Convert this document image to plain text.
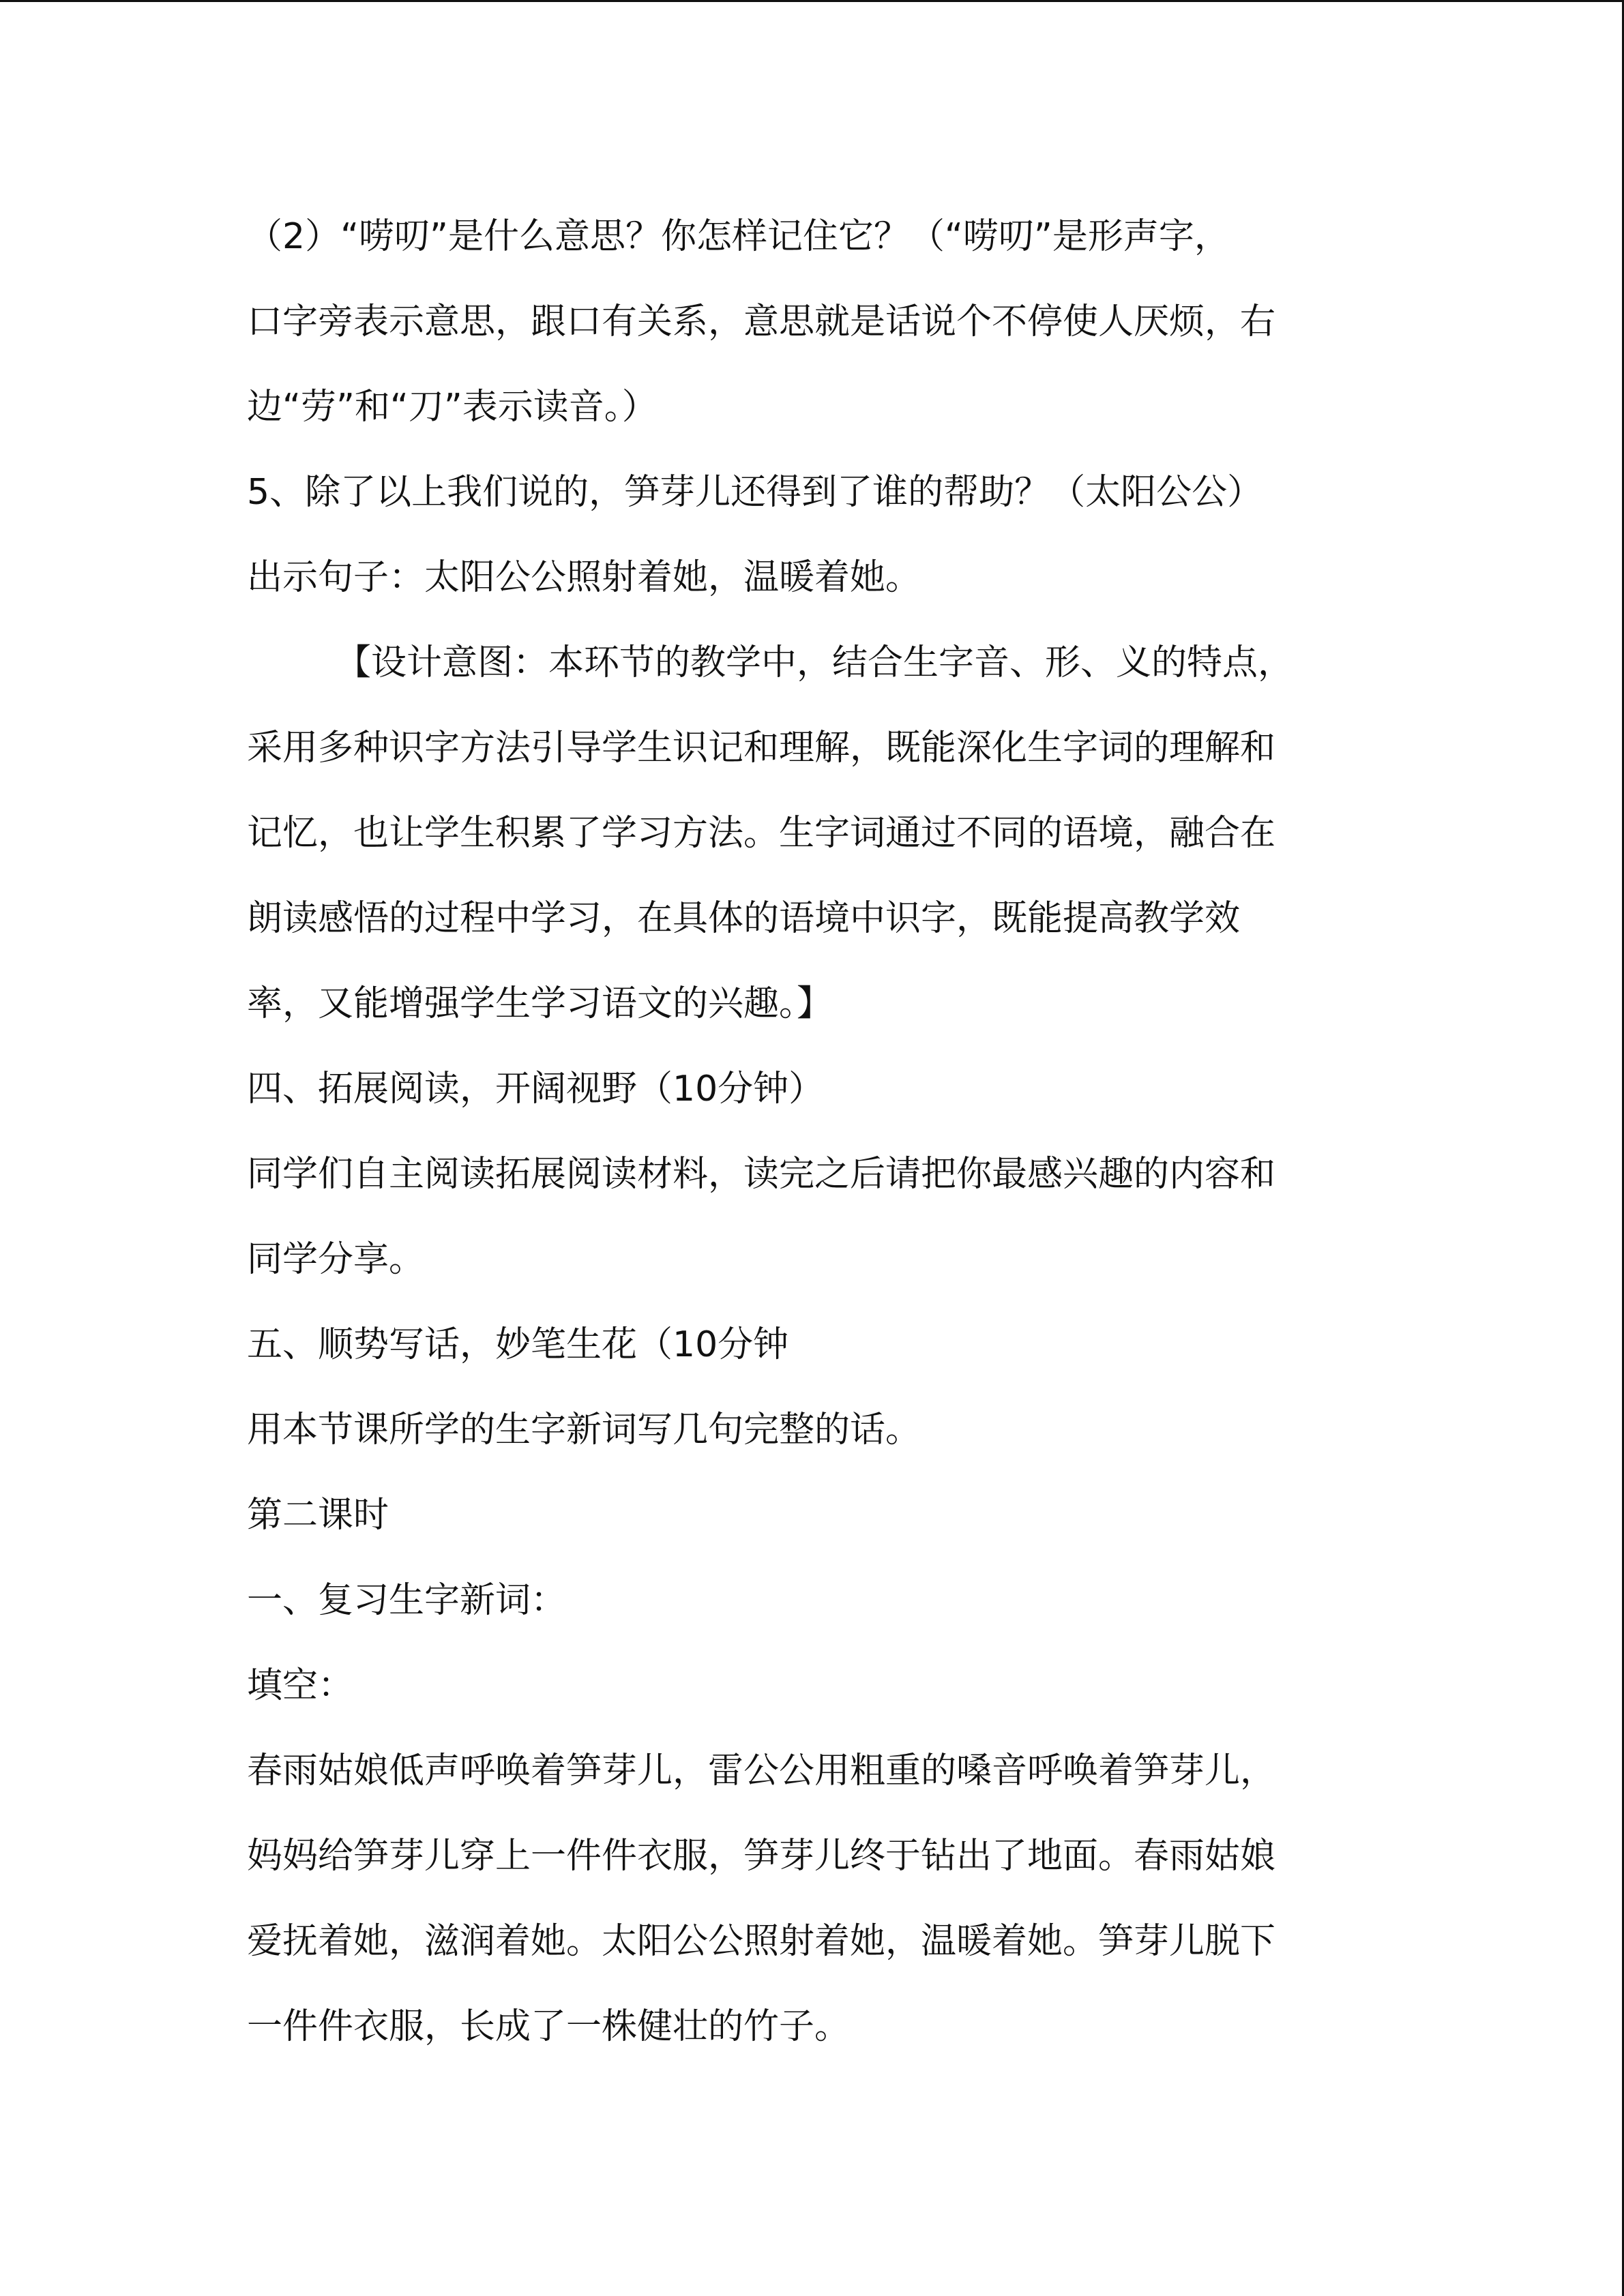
（2）“唠叨”是什么意思？你怎样记住它？（“唠叨”是形声字，
口字旁表示意思，跟口有关系，意思就是话说个不停使人厌烦，右
边“劳”和“刀”表示读音。）
5、除了以上我们说的，笋芽儿还得到了谁的帮助？（太阳公公）
出示句子：太阳公公照射着她，温暖着她。
【设计意图：本环节的教学中，结合生字音、形、义的特点，
采用多种识字方法引导学生识记和理解，既能深化生字词的理解和
记忆，也让学生积累了学习方法。生字词通过不同的语境，融合在
朗读感悟的过程中学习，在具体的语境中识字，既能提高教学效
率，又能增强学生学习语文的兴趣。】
四、拓展阅读，开阔视野（10分钟）
同学们自主阅读拓展阅读材料，读完之后请把你最感兴趣的内容和
同学分享。
五、顺势写话，妙笔生花（10分钟
用本节课所学的生字新词写几句完整的话。
第二课时
一、复习生字新词：
填空：
春雨姑娘低声呼唤着笋芽儿，雷公公用粗重的嗓音呼唤着笋芽儿，
妈妈给笋芽儿穿上一件件衣服，笋芽儿终于钻出了地面。春雨姑娘
爱抚着她，滋润着她。太阳公公照射着她，温暖着她。笋芽儿脱下
一件件衣服，长成了一株健壮的竹子。
